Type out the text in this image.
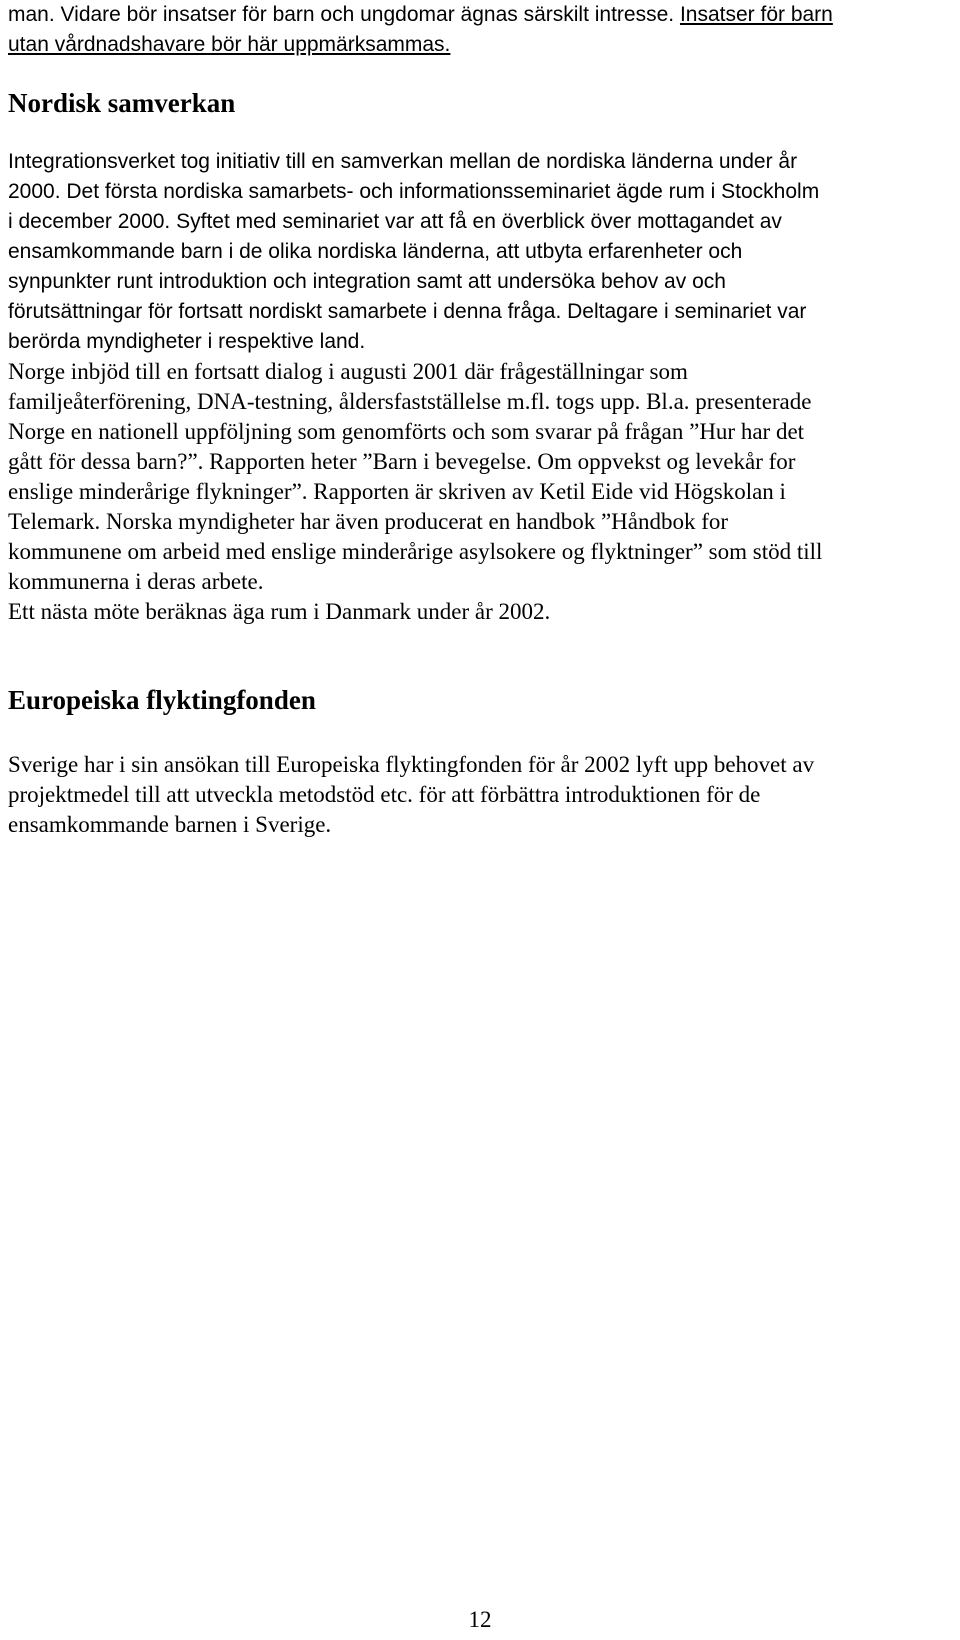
man. Vidare bör insatser för barn och ungdomar ägnas särskilt intresse. Insatser för barn
utan vårdnadshavare bör här uppmärksammas.

Nordisk samverkan

Integrationsverket tog initiativ till en samverkan mellan de nordiska länderna under år
2000. Det första nordiska samarbets- och informationsseminariet ägde rum i Stockholm
i december 2000. Syftet med seminariet var att få en överblick över mottagandet av
ensamkommande barn i de olika nordiska länderna, att utbyta erfarenheter och
synpunkter runt introduktion och integration samt att undersöka behov av och
förutsättningar för fortsatt nordiskt samarbete i denna fråga. Deltagare i seminariet var
berörda myndigheter i respektive land.

Norge inbjöd till en fortsatt dialog i augusti 2001 där frågeställningar som
familjeåterförening, DNA-testning, åldersfastställelse m.fl. togs upp. Bl.a. presenterade
Norge en nationell uppföljning som genomförts och som svarar på frågan ”Hur har det
gått för dessa barn?”. Rapporten heter ”Barn i bevegelse. Om oppvekst og levekår for
enslige minderårige flykninger”. Rapporten är skriven av Ketil Eide vid Högskolan i
Telemark. Norska myndigheter har även producerat en handbok ”Håndbok for
kommunene om arbeid med enslige minderårige asylsokere og flyktninger” som stöd till
kommunerna i deras arbete.
Ett nästa möte beräknas äga rum i Danmark under år 2002.

Europeiska flyktingfonden

Sverige har i sin ansökan till Europeiska flyktingfonden för år 2002 lyft upp behovet av
projektmedel till att utveckla metodstöd etc. för att förbättra introduktionen för de
ensamkommande barnen i Sverige.

12
